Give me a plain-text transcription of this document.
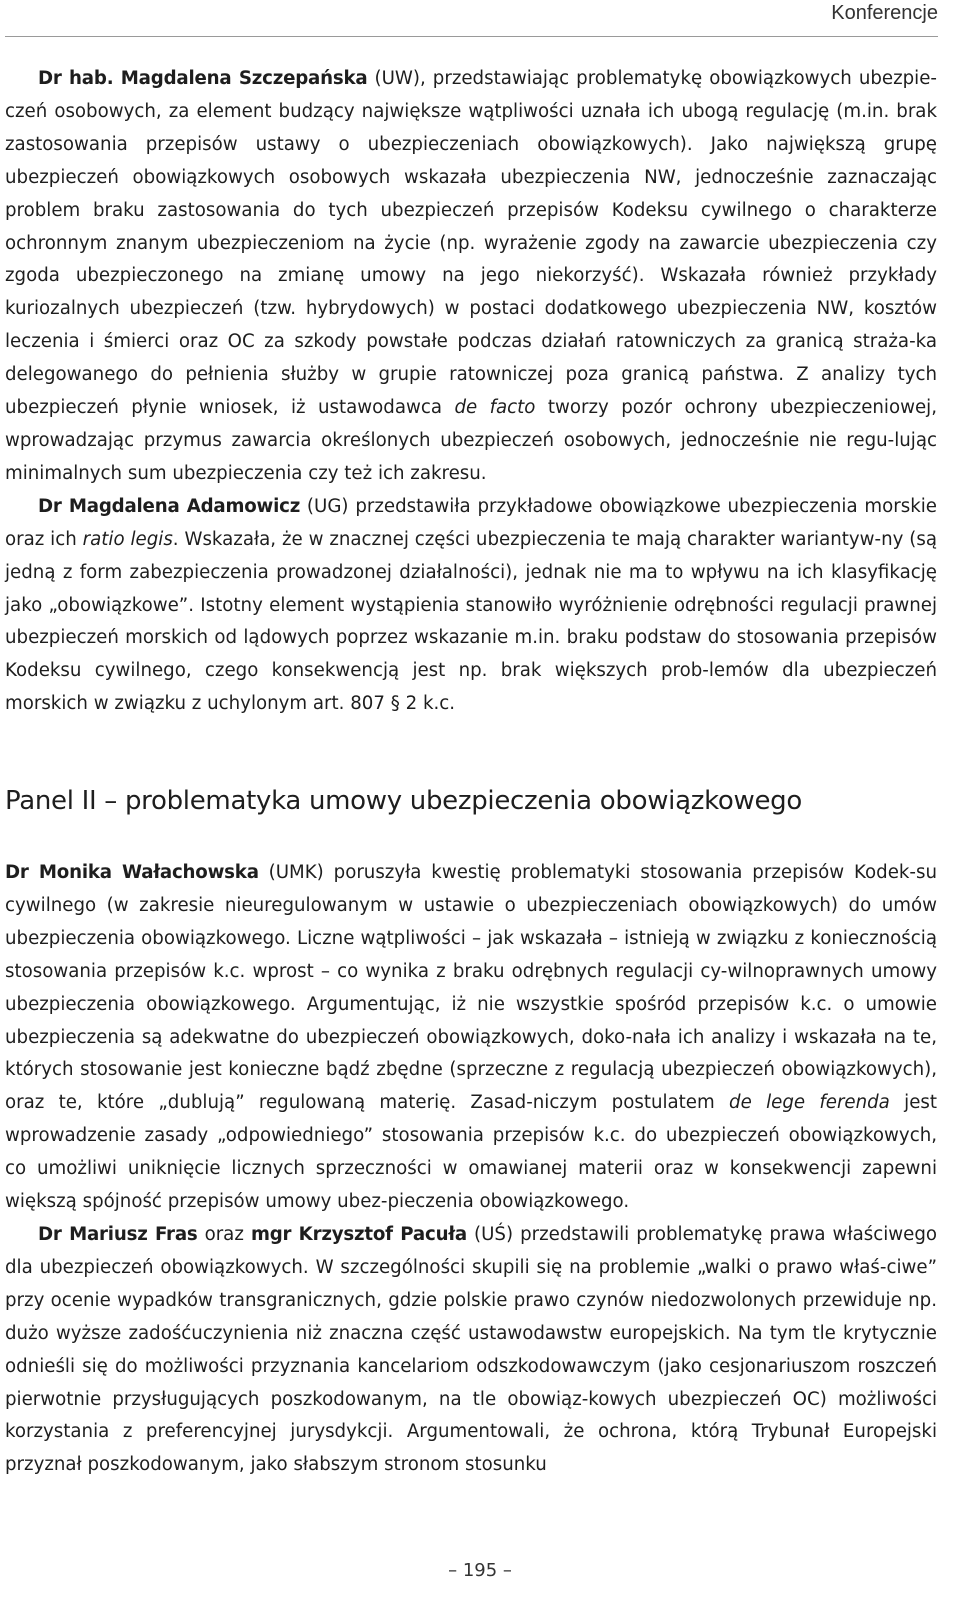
Konferencje

Dr hab. Magdalena Szczepańska (UW), przedstawiając problematykę obowiązkowych ubezpie-czeń osobowych, za element budzący największe wątpliwości uznała ich ubogą regulację (m.in. brak zastosowania przepisów ustawy o ubezpieczeniach obowiązkowych). Jako największą grupę ubezpieczeń obowiązkowych osobowych wskazała ubezpieczenia NW, jednocześnie zaznaczając problem braku zastosowania do tych ubezpieczeń przepisów Kodeksu cywilnego o charakterze ochronnym znanym ubezpieczeniom na życie (np. wyrażenie zgody na zawarcie ubezpieczenia czy zgoda ubezpieczonego na zmianę umowy na jego niekorzyść). Wskazała również przykłady kuriozalnych ubezpieczeń (tzw. hybrydowych) w postaci dodatkowego ubezpieczenia NW, kosztów leczenia i śmierci oraz OC za szkody powstałe podczas działań ratowniczych za granicą straża-ka delegowanego do pełnienia służby w grupie ratowniczej poza granicą państwa. Z analizy tych ubezpieczeń płynie wniosek, iż ustawodawca de facto tworzy pozór ochrony ubezpieczeniowej, wprowadzając przymus zawarcia określonych ubezpieczeń osobowych, jednocześnie nie regu-lując minimalnych sum ubezpieczenia czy też ich zakresu.

Dr Magdalena Adamowicz (UG) przedstawiła przykładowe obowiązkowe ubezpieczenia morskie oraz ich ratio legis. Wskazała, że w znacznej części ubezpieczenia te mają charakter wariantyw-ny (są jedną z form zabezpieczenia prowadzonej działalności), jednak nie ma to wpływu na ich klasyfikację jako „obowiązkowe”. Istotny element wystąpienia stanowiło wyróżnienie odrębności regulacji prawnej ubezpieczeń morskich od lądowych poprzez wskazanie m.in. braku podstaw do stosowania przepisów Kodeksu cywilnego, czego konsekwencją jest np. brak większych prob-lemów dla ubezpieczeń morskich w związku z uchylonym art. 807 § 2 k.c.

Panel II – problematyka umowy ubezpieczenia obowiązkowego

Dr Monika Wałachowska (UMK) poruszyła kwestię problematyki stosowania przepisów Kodek-su cywilnego (w zakresie nieuregulowanym w ustawie o ubezpieczeniach obowiązkowych) do umów ubezpieczenia obowiązkowego. Liczne wątpliwości – jak wskazała – istnieją w związku z koniecznością stosowania przepisów k.c. wprost – co wynika z braku odrębnych regulacji cy-wilnoprawnych umowy ubezpieczenia obowiązkowego. Argumentując, iż nie wszystkie spośród przepisów k.c. o umowie ubezpieczenia są adekwatne do ubezpieczeń obowiązkowych, doko-nała ich analizy i wskazała na te, których stosowanie jest konieczne bądź zbędne (sprzeczne z regulacją ubezpieczeń obowiązkowych), oraz te, które „dublują” regulowaną materię. Zasad-niczym postulatem de lege ferenda jest wprowadzenie zasady „odpowiedniego” stosowania przepisów k.c. do ubezpieczeń obowiązkowych, co umożliwi uniknięcie licznych sprzeczności w omawianej materii oraz w konsekwencji zapewni większą spójność przepisów umowy ubez-pieczenia obowiązkowego.

Dr Mariusz Fras oraz mgr Krzysztof Pacuła (UŚ) przedstawili problematykę prawa właściwego dla ubezpieczeń obowiązkowych. W szczególności skupili się na problemie „walki o prawo właś-ciwe” przy ocenie wypadków transgranicznych, gdzie polskie prawo czynów niedozwolonych przewiduje np. dużo wyższe zadośćuczynienia niż znaczna część ustawodawstw europejskich. Na tym tle krytycznie odnieśli się do możliwości przyznania kancelariom odszkodowawczym (jako cesjonariuszom roszczeń pierwotnie przysługujących poszkodowanym, na tle obowiąz-kowych ubezpieczeń OC) możliwości korzystania z preferencyjnej jurysdykcji. Argumentowali, że ochrona, którą Trybunał Europejski przyznał poszkodowanym, jako słabszym stronom stosunku

– 195 –
